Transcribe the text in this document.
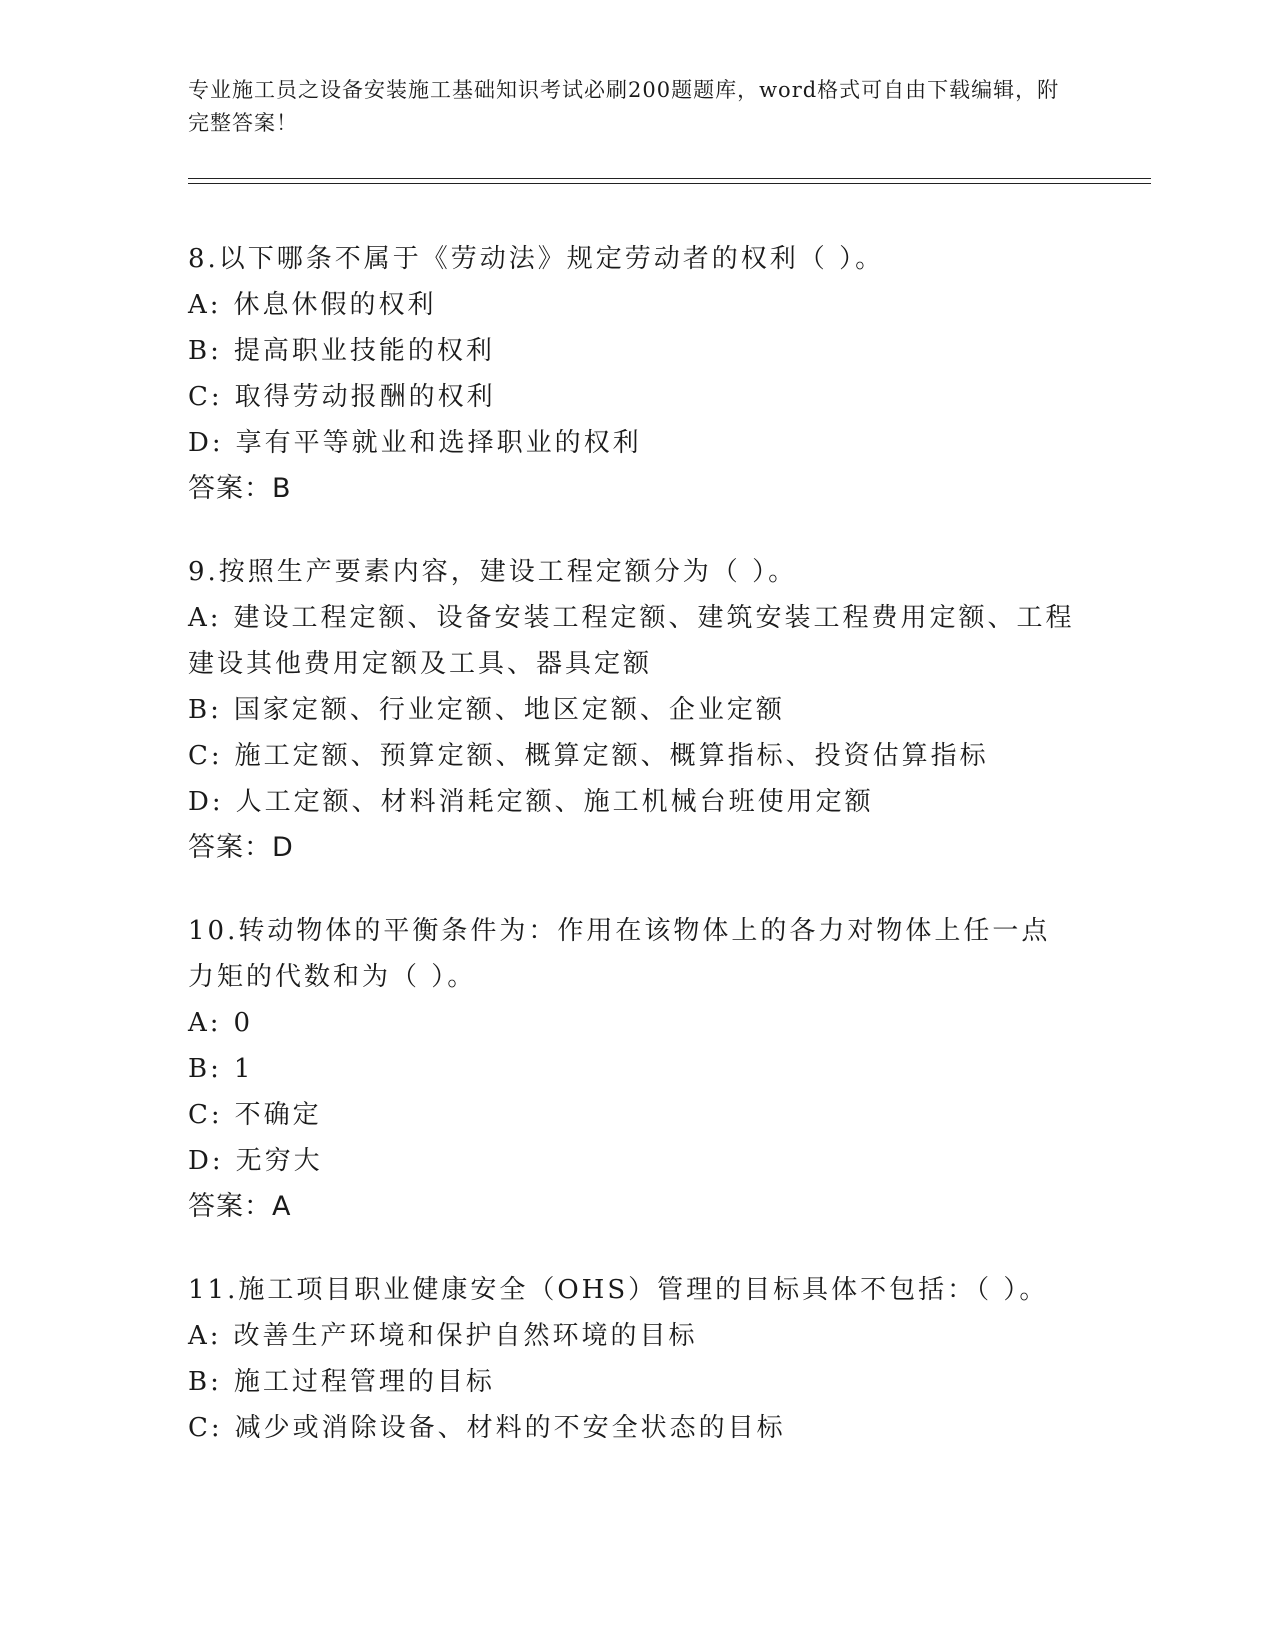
专业施工员之设备安装施工基础知识考试必刷200题题库，word格式可自由下载编辑，附完整答案！

8.以下哪条不属于《劳动法》规定劳动者的权利（ ）。

A: 休息休假的权利

B: 提高职业技能的权利

C: 取得劳动报酬的权利

D: 享有平等就业和选择职业的权利

答案：B

9.按照生产要素内容，建设工程定额分为（ ）。

A: 建设工程定额、设备安装工程定额、建筑安装工程费用定额、工程建设其他费用定额及工具、器具定额

B: 国家定额、行业定额、地区定额、企业定额

C: 施工定额、预算定额、概算定额、概算指标、投资估算指标

D: 人工定额、材料消耗定额、施工机械台班使用定额

答案：D

10.转动物体的平衡条件为：作用在该物体上的各力对物体上任一点力矩的代数和为（ ）。

A: 0

B: 1

C: 不确定

D: 无穷大

答案：A

11.施工项目职业健康安全（OHS）管理的目标具体不包括：（ ）。

A: 改善生产环境和保护自然环境的目标

B: 施工过程管理的目标

C: 减少或消除设备、材料的不安全状态的目标
